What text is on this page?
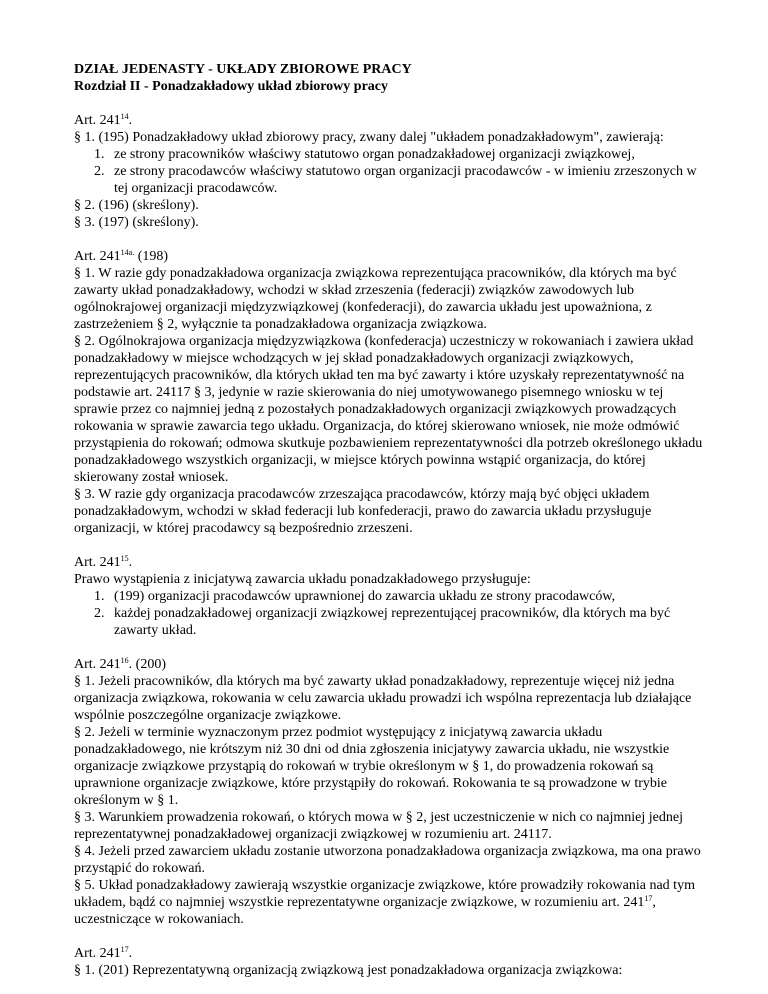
DZIAŁ JEDENASTY - UKŁADY ZBIOROWE PRACY

Rozdział II - Ponadzakładowy układ zbiorowy pracy

Art. $241^{14}$.

§ 1. (195) Ponadzakładowy układ zbiorowy pracy, zwany dalej "układem ponadzakładowym", zawierają:

1. ze strony pracowników właściwy statutowo organ ponadzakładowej organizacji związkowej,
2. ze strony pracodawców właściwy statutowo organ organizacji pracodawców - w imieniu zrzeszonych w tej organizacji pracodawców.

§ 2. (196) (skreślony).

§ 3. (197) (skreślony).

Art. $241^{14a.}$ (198)

§ 1. W razie gdy ponadzakładowa organizacja związkowa reprezentująca pracowników, dla których ma być zawarty układ ponadzakładowy, wchodzi w skład zrzeszenia (federacji) związków zawodowych lub ogólnokrajowej organizacji międzyzwiązkowej (konfederacji), do zawarcia układu jest upoważniona, z zastrzeżeniem § 2, wyłącznie ta ponadzakładowa organizacja związkowa.

§ 2. Ogólnokrajowa organizacja międzyzwiązkowa (konfederacja) uczestniczy w rokowaniach i zawiera układ ponadzakładowy w miejsce wchodzących w jej skład ponadzakładowych organizacji związkowych, reprezentujących pracowników, dla których układ ten ma być zawarty i które uzyskały reprezentatywność na podstawie art. 24117 § 3, jedynie w razie skierowania do niej umotywowanego pisemnego wniosku w tej sprawie przez co najmniej jedną z pozostałych ponadzakładowych organizacji związkowych prowadzących rokowania w sprawie zawarcia tego układu. Organizacja, do której skierowano wniosek, nie może odmówić przystąpienia do rokowań; odmowa skutkuje pozbawieniem reprezentatywności dla potrzeb określonego układu ponadzakładowego wszystkich organizacji, w miejsce których powinna wstąpić organizacja, do której skierowany został wniosek.

§ 3. W razie gdy organizacja pracodawców zrzeszająca pracodawców, którzy mają być objęci układem ponadzakładowym, wchodzi w skład federacji lub konfederacji, prawo do zawarcia układu przysługuje organizacji, w której pracodawcy są bezpośrednio zrzeszeni.

Art. $241^{15}$.

Prawo wystąpienia z inicjatywą zawarcia układu ponadzakładowego przysługuje:

1. (199) organizacji pracodawców uprawnionej do zawarcia układu ze strony pracodawców,
2. każdej ponadzakładowej organizacji związkowej reprezentującej pracowników, dla których ma być zawarty układ.

Art. $241^{16}$. (200)

§ 1. Jeżeli pracowników, dla których ma być zawarty układ ponadzakładowy, reprezentuje więcej niż jedna organizacja związkowa, rokowania w celu zawarcia układu prowadzi ich wspólna reprezentacja lub działające wspólnie poszczególne organizacje związkowe.

§ 2. Jeżeli w terminie wyznaczonym przez podmiot występujący z inicjatywą zawarcia układu ponadzakładowego, nie krótszym niż 30 dni od dnia zgłoszenia inicjatywy zawarcia układu, nie wszystkie organizacje związkowe przystąpią do rokowań w trybie określonym w § 1, do prowadzenia rokowań są uprawnione organizacje związkowe, które przystąpiły do rokowań. Rokowania te są prowadzone w trybie określonym w § 1.

§ 3. Warunkiem prowadzenia rokowań, o których mowa w § 2, jest uczestniczenie w nich co najmniej jednej reprezentatywnej ponadzakładowej organizacji związkowej w rozumieniu art. 24117.

§ 4. Jeżeli przed zawarciem układu zostanie utworzona ponadzakładowa organizacja związkowa, ma ona prawo przystąpić do rokowań.

§ 5. Układ ponadzakładowy zawierają wszystkie organizacje związkowe, które prowadziły rokowania nad tym układem, bądź co najmniej wszystkie reprezentatywne organizacje związkowe, w rozumieniu art. $241^{17}$, uczestniczące w rokowaniach.

Art. $241^{17}$.

§ 1. (201) Reprezentatywną organizacją związkową jest ponadzakładowa organizacja związkowa:
